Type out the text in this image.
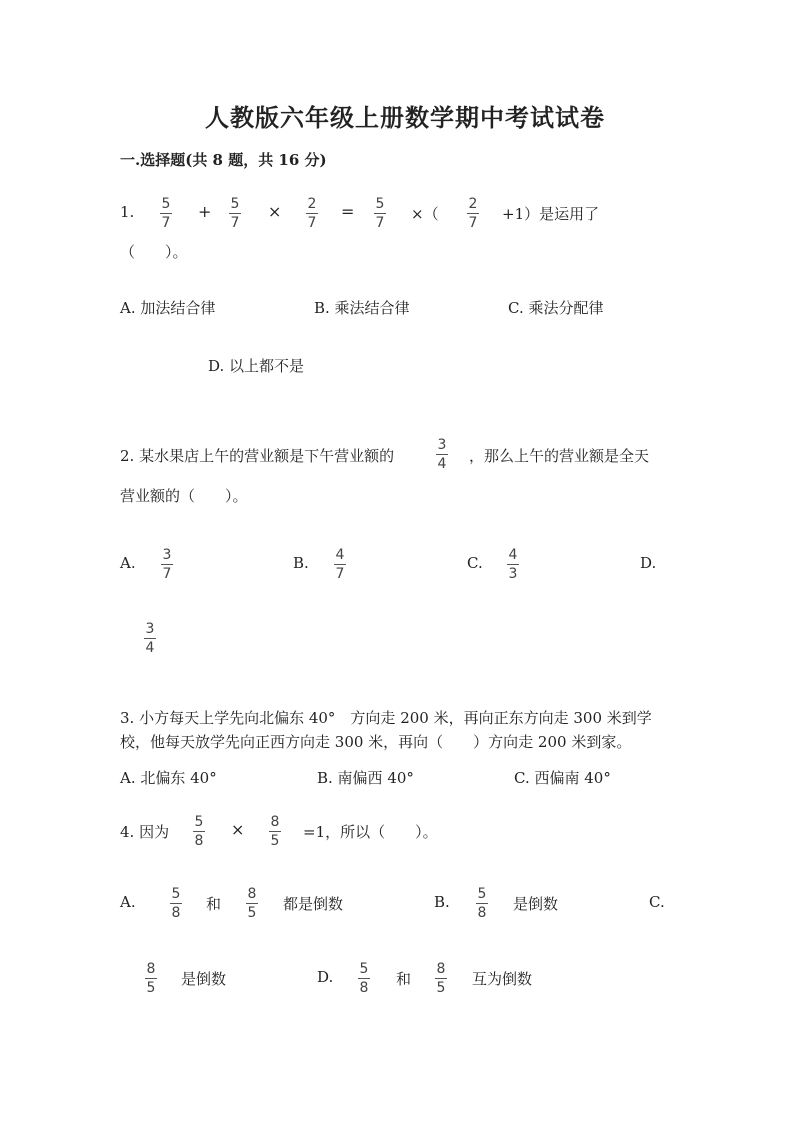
人教版六年级上册数学期中考试试卷
一.选择题(共 8 题，共 16 分)
1. 5
7
+ 5
7
× 2
7
= 5
7 ×（
2
7 +1）是运用了
（　　）。
A. 加法结合律	B. 乘法结合律	C. 乘法分配律
D. 以上都不是
2. 某水果店上午的营业额是下午营业额的
3
4 ，那么上午的营业额是全天
营业额的（　　）。
A. 3
7
B. 4
7
C. 4
3
D.
3
4
3. 小方每天上学先向北偏东 40°　方向走 200 米，再向正东方向走 300 米到学
校，他每天放学先向正西方向走 300 米，再向（　　）方向走 200 米到家。
A. 北偏东 40°	B. 南偏西 40°	C. 西偏南 40°
4. 因为
5
8
× 8
5 =1，所以（　　）。
A.	5
8 和
8
5 都是倒数	B. 5
8 是倒数	C.
8
5 是倒数	D. 5
8 和
8
5 互为倒数
